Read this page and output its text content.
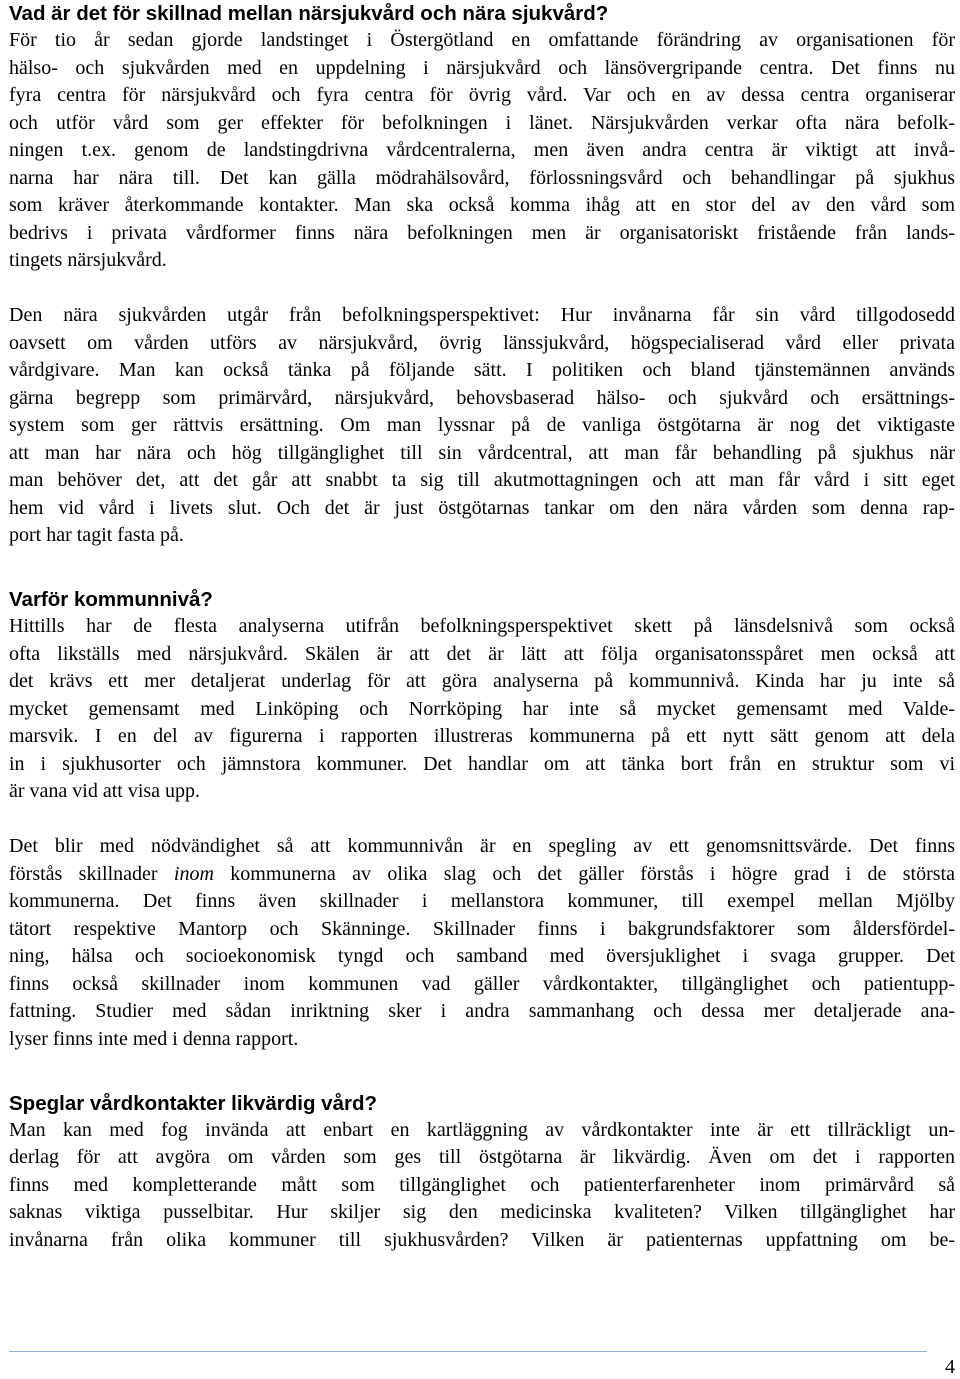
Vad är det för skillnad mellan närsjukvård och nära sjukvård?

För tio år sedan gjorde landstinget i Östergötland en omfattande förändring av organisationen för
hälso- och sjukvården med en uppdelning i närsjukvård och länsövergripande centra. Det finns nu
fyra centra för närsjukvård och fyra centra för övrig vård. Var och en av dessa centra organiserar
och utför vård som ger effekter för befolkningen i länet. Närsjukvården verkar ofta nära befolk-
ningen t.ex. genom de landstingdrivna vårdcentralerna, men även andra centra är viktigt att invå-
narna har nära till. Det kan gälla mödrahälsovård, förlossningsvård och behandlingar på sjukhus
som kräver återkommande kontakter. Man ska också komma ihåg att en stor del av den vård som
bedrivs i privata vårdformer finns nära befolkningen men är organisatoriskt fristående från lands-
tingets närsjukvård.

Den nära sjukvården utgår från befolkningsperspektivet: Hur invånarna får sin vård tillgodosedd
oavsett om vården utförs av närsjukvård, övrig länssjukvård, högspecialiserad vård eller privata
vårdgivare. Man kan också tänka på följande sätt. I politiken och bland tjänstemännen används
gärna begrepp som primärvård, närsjukvård, behovsbaserad hälso- och sjukvård och ersättnings-
system som ger rättvis ersättning. Om man lyssnar på de vanliga östgötarna är nog det viktigaste
att man har nära och hög tillgänglighet till sin vårdcentral, att man får behandling på sjukhus när
man behöver det, att det går att snabbt ta sig till akutmottagningen och att man får vård i sitt eget
hem vid vård i livets slut. Och det är just östgötarnas tankar om den nära vården som denna rap-
port har tagit fasta på.

Varför kommunnivå?

Hittills har de flesta analyserna utifrån befolkningsperspektivet skett på länsdelsnivå som också
ofta likställs med närsjukvård. Skälen är att det är lätt att följa organisatonsspåret men också att
det krävs ett mer detaljerat underlag för att göra analyserna på kommunnivå. Kinda har ju inte så
mycket gemensamt med Linköping och Norrköping har inte så mycket gemensamt med Valde-
marsvik. I en del av figurerna i rapporten illustreras kommunerna på ett nytt sätt genom att dela
in i sjukhusorter och jämnstora kommuner. Det handlar om att tänka bort från en struktur som vi
är vana vid att visa upp.

Det blir med nödvändighet så att kommunnivån är en spegling av ett genomsnittsvärde. Det finns
förstås skillnader inom kommunerna av olika slag och det gäller förstås i högre grad i de största
kommunerna. Det finns även skillnader i mellanstora kommuner, till exempel mellan Mjölby
tätort respektive Mantorp och Skänninge. Skillnader finns i bakgrundsfaktorer som åldersfördel-
ning, hälsa och socioekonomisk tyngd och samband med översjuklighet i svaga grupper. Det
finns också skillnader inom kommunen vad gäller vårdkontakter, tillgänglighet och patientupp-
fattning. Studier med sådan inriktning sker i andra sammanhang och dessa mer detaljerade ana-
lyser finns inte med i denna rapport.

Speglar vårdkontakter likvärdig vård?

Man kan med fog invända att enbart en kartläggning av vårdkontakter inte är ett tillräckligt un-
derlag för att avgöra om vården som ges till östgötarna är likvärdig. Även om det i rapporten
finns med kompletterande mått som tillgänglighet och patienterfarenheter inom primärvård så
saknas viktiga pusselbitar. Hur skiljer sig den medicinska kvaliteten? Vilken tillgänglighet har
invånarna från olika kommuner till sjukhusvården? Vilken är patienternas uppfattning om be-

4
